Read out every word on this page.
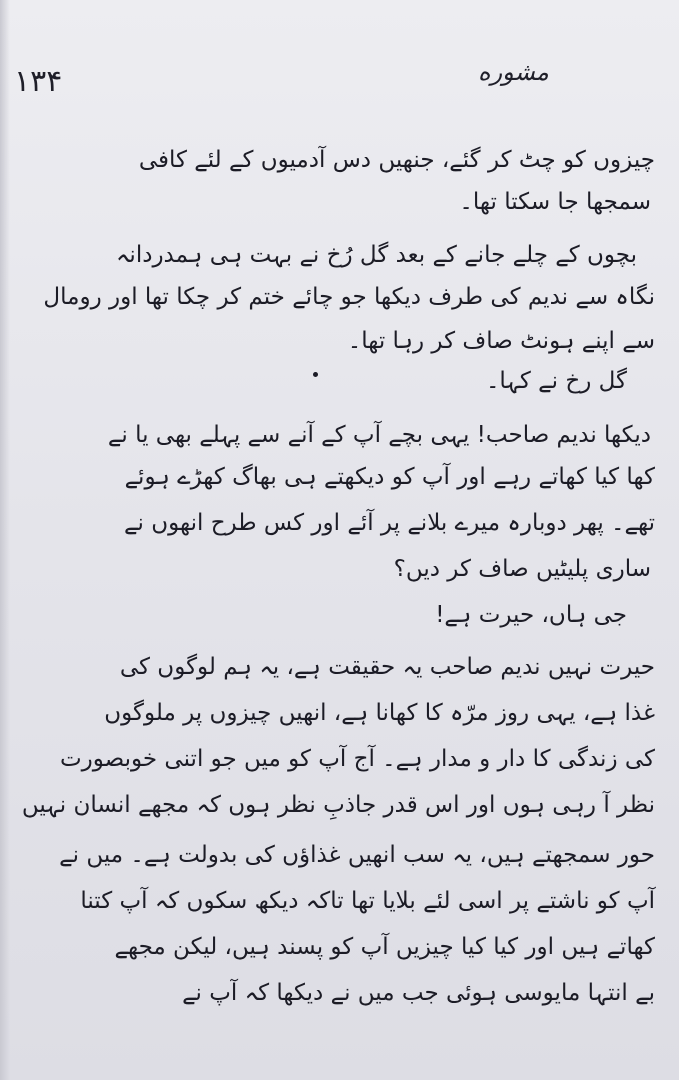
۱۳۴	مشوره
چیزوں کو چٹ کر گئے، جنھیں دس آدمیوں کے لئے کافی
سمجھا جا سکتا تھا۔
بچوں کے چلے جانے کے بعد گل رُخ نے بہت ہی ہمدردانہ
نگاہ سے ندیم کی طرف دیکھا جو چائے ختم کر چکا تھا اور رومال
سے اپنے ہونٹ صاف کر رہا تھا۔
گل رخ نے کہا۔
دیکھا ندیم صاحب! یہی بچے آپ کے آنے سے پہلے بھی یا نے
کھا کیا کھاتے رہے اور آپ کو دیکھتے ہی بھاگ کھڑے ہوئے
تھے۔ پھر دوبارہ میرے بلانے پر آئے اور کس طرح انھوں نے
ساری پلیٹیں صاف کر دیں؟
جی ہاں، حیرت ہے!
حیرت نہیں ندیم صاحب یہ حقیقت ہے، یہ ہم لوگوں کی
غذا ہے، یہی روز مرّہ کا کھانا ہے، انھیں چیزوں پر ملوگوں
کی زندگی کا دار و مدار ہے۔ آج آپ کو میں جو اتنی خوبصورت
نظر آ رہی ہوں اور اس قدر جاذبِ نظر ہوں کہ مجھے انسان نہیں
حور سمجھتے ہیں، یہ سب انھیں غذاؤں کی بدولت ہے۔ میں نے
آپ کو ناشتے پر اسی لئے بلایا تھا تاکہ دیکھ سکوں کہ آپ کتنا
کھاتے ہیں اور کیا کیا چیزیں آپ کو پسند ہیں، لیکن مجھے
بے انتہا مایوسی ہوئی جب میں نے دیکھا کہ آپ نے
